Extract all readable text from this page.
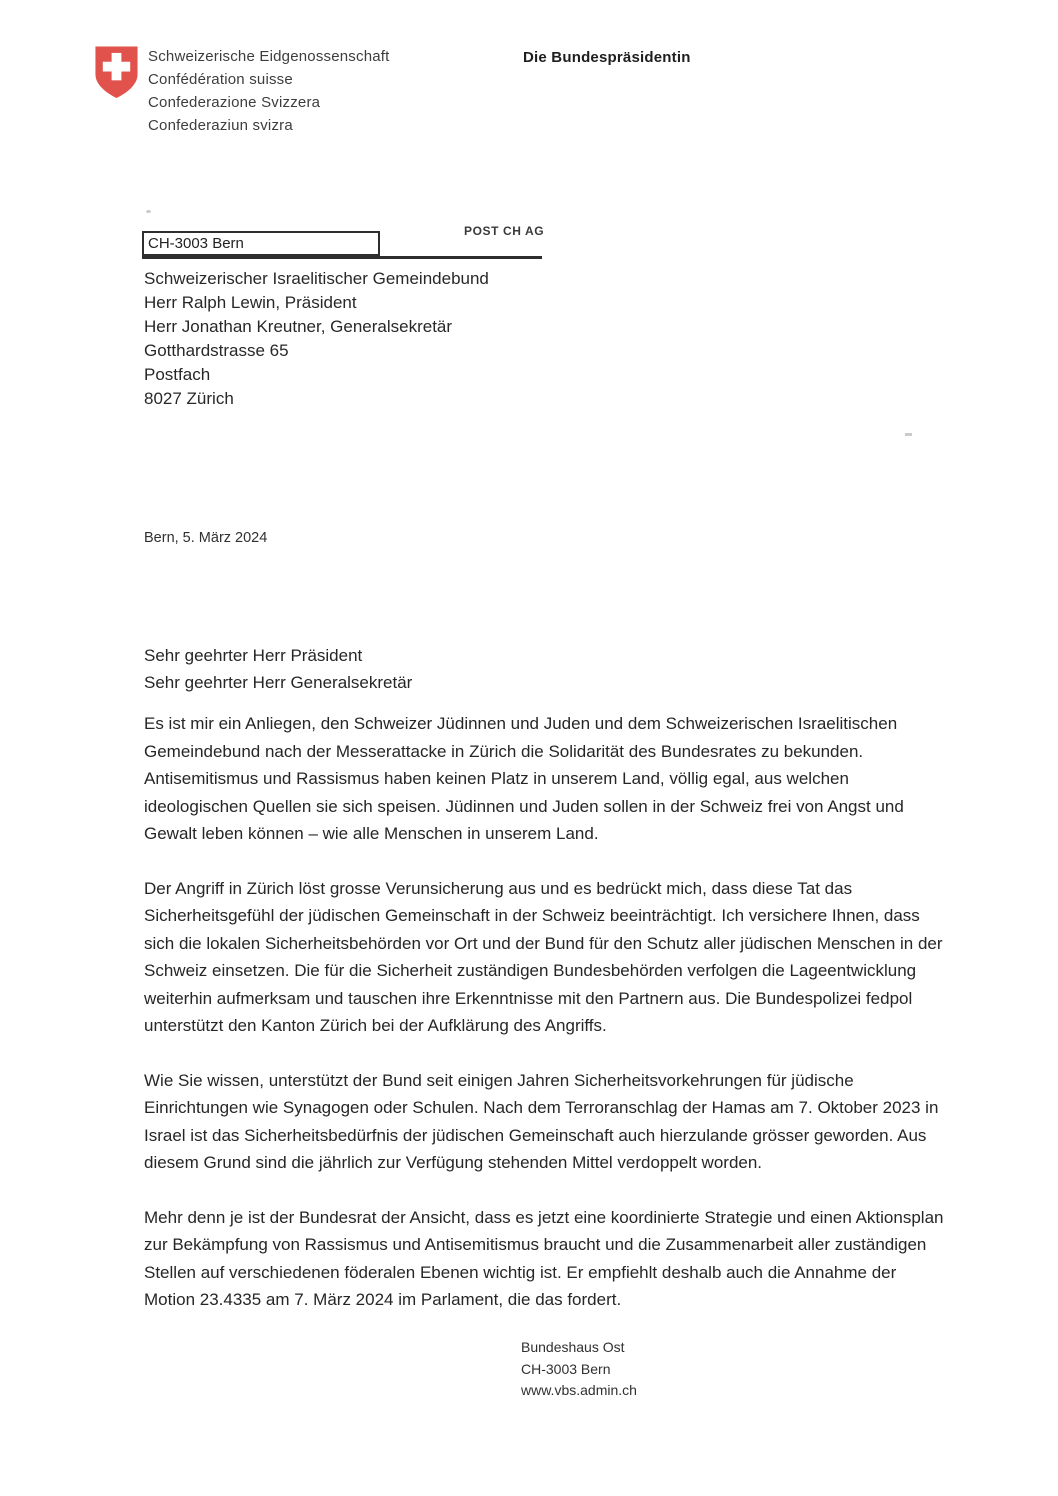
Schweizerische Eidgenossenschaft
Confédération suisse
Confederazione Svizzera
Confederaziun svizra
Die Bundespräsidentin
CH-3003 Bern
POST CH AG
Schweizerischer Israelitischer Gemeindebund
Herr Ralph Lewin, Präsident
Herr Jonathan Kreutner, Generalsekretär
Gotthardstrasse 65
Postfach
8027 Zürich
Bern, 5. März 2024
Sehr geehrter Herr Präsident
Sehr geehrter Herr Generalsekretär

Es ist mir ein Anliegen, den Schweizer Jüdinnen und Juden und dem Schweizerischen Israelitischen Gemeindebund nach der Messerattacke in Zürich die Solidarität des Bundesrates zu bekunden. Antisemitismus und Rassismus haben keinen Platz in unserem Land, völlig egal, aus welchen ideologischen Quellen sie sich speisen. Jüdinnen und Juden sollen in der Schweiz frei von Angst und Gewalt leben können – wie alle Menschen in unserem Land.

Der Angriff in Zürich löst grosse Verunsicherung aus und es bedrückt mich, dass diese Tat das Sicherheitsgefühl der jüdischen Gemeinschaft in der Schweiz beeinträchtigt. Ich versichere Ihnen, dass sich die lokalen Sicherheitsbehörden vor Ort und der Bund für den Schutz aller jüdischen Menschen in der Schweiz einsetzen. Die für die Sicherheit zuständigen Bundesbehörden verfolgen die Lageentwicklung weiterhin aufmerksam und tauschen ihre Erkenntnisse mit den Partnern aus. Die Bundespolizei fedpol unterstützt den Kanton Zürich bei der Aufklärung des Angriffs.

Wie Sie wissen, unterstützt der Bund seit einigen Jahren Sicherheitsvorkehrungen für jüdische Einrichtungen wie Synagogen oder Schulen. Nach dem Terroranschlag der Hamas am 7. Oktober 2023 in Israel ist das Sicherheitsbedürfnis der jüdischen Gemeinschaft auch hierzulande grösser geworden. Aus diesem Grund sind die jährlich zur Verfügung stehenden Mittel verdoppelt worden.

Mehr denn je ist der Bundesrat der Ansicht, dass es jetzt eine koordinierte Strategie und einen Aktionsplan zur Bekämpfung von Rassismus und Antisemitismus braucht und die Zusammenarbeit aller zuständigen Stellen auf verschiedenen föderalen Ebenen wichtig ist. Er empfiehlt deshalb auch die Annahme der Motion 23.4335 am 7. März 2024 im Parlament, die das fordert.

Bundeshaus Ost
CH-3003 Bern
www.vbs.admin.ch
